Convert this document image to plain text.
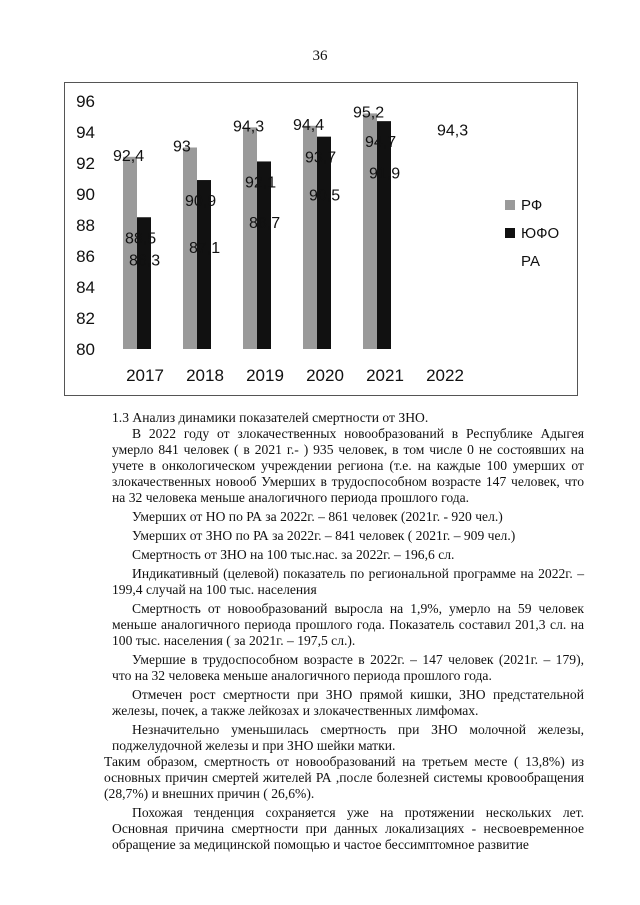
36
80
82
84
86
88
90
92
94
96
2017 2018 2019 2020 2021 2022
92,4
93
94,3 94,4
95,2
88,5
90,9
92,1
93,7
94,7
86,3
87,1
88,7
90,5
91,9
94,3
РФ
ЮФО
РА

1.3 Анализ динамики показателей смертности от ЗНО.

В 2022 году от злокачественных новообразований в Республике Адыгея умерло 841 человек ( в 2021 г.- ) 935 человек, в том числе 0 не состоявших на учете в онкологическом учреждении региона (т.е. на каждые 100 умерших от злокачественных новооб Умерших в трудоспособном возрасте 147 человек, что на 32 человека меньше аналогичного периода прошлого года.

Умерших от НО по РА за 2022г. – 861 человек (2021г. - 920 чел.)

Умерших от ЗНО по РА за 2022г. – 841 человек ( 2021г. – 909 чел.)

Смертность от ЗНО на 100 тыс.нас. за 2022г. – 196,6 сл.

Индикативный (целевой) показатель по региональной программе на 2022г. – 199,4 случай на 100 тыс. населения

Смертность от новообразований выросла на 1,9%, умерло на 59 человек меньше аналогичного периода прошлого года. Показатель составил 201,3 сл. на 100 тыс. населения ( за 2021г. – 197,5 сл.).

Умершие в трудоспособном возрасте в 2022г. – 147 человек (2021г. – 179), что на 32 человека меньше аналогичного периода прошлого года.

Отмечен рост смертности при ЗНО прямой кишки, ЗНО предстательной железы, почек, а также лейкозах и злокачественных лимфомах.

Незначительно уменьшилась смертность при ЗНО молочной железы, поджелудочной железы и при ЗНО шейки матки.

Таким образом, смертность от новообразований на третьем месте ( 13,8%) из основных причин смертей жителей РА ,после болезней системы кровообращения (28,7%) и внешних причин ( 26,6%).

Похожая тенденция сохраняется уже на протяжении нескольких лет. Основная причина смертности при данных локализациях - несвоевременное обращение за медицинской помощью и частое бессимптомное развитие
